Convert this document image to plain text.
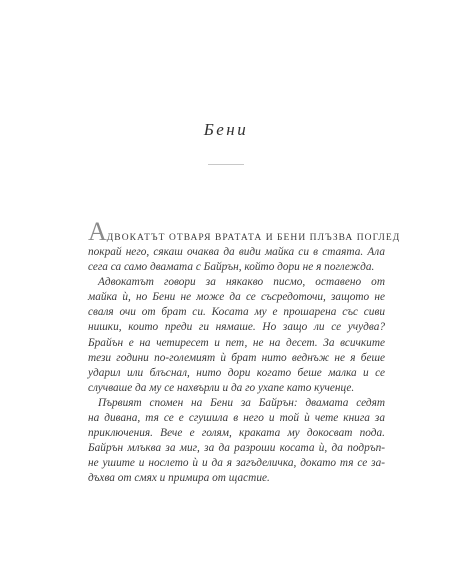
Бени
АДВОКАТЪТ ОТВАРЯ ВРАТАТА И БЕНИ ПЛЪЗВА ПОГЛЕД
покрай него, сякаш очаква да види майка си в стаята. Ала
сега са само двамата с Байрън, който дори не я поглежда.
Адвокатът говори за някакво писмо, оставено от
майка ѝ, но Бени не може да се съсредоточи, защото не
сваля очи от брат си. Косата му е прошарена със сиви
нишки, които преди ги нямаше. Но защо ли се учудва?
Брайън е на четиресет и пет, не на десет. За всичките
тези години по-големият ѝ брат нито веднъж не я беше
ударил или блъснал, нито дори когато беше малка и се
случваше да му се нахвърли и да го ухапе като кученце.
Първият спомен на Бени за Байрън: двамата седят
на дивана, тя се е сгушила в него и той ѝ чете книга за
приключения. Вече е голям, краката му докосват пода.
Байрън млъква за миг, за да разроши косата ѝ, да подръп-
не ушите и нослето ѝ и да я загъделичка, докато тя се за-
дъхва от смях и примира от щастие.
